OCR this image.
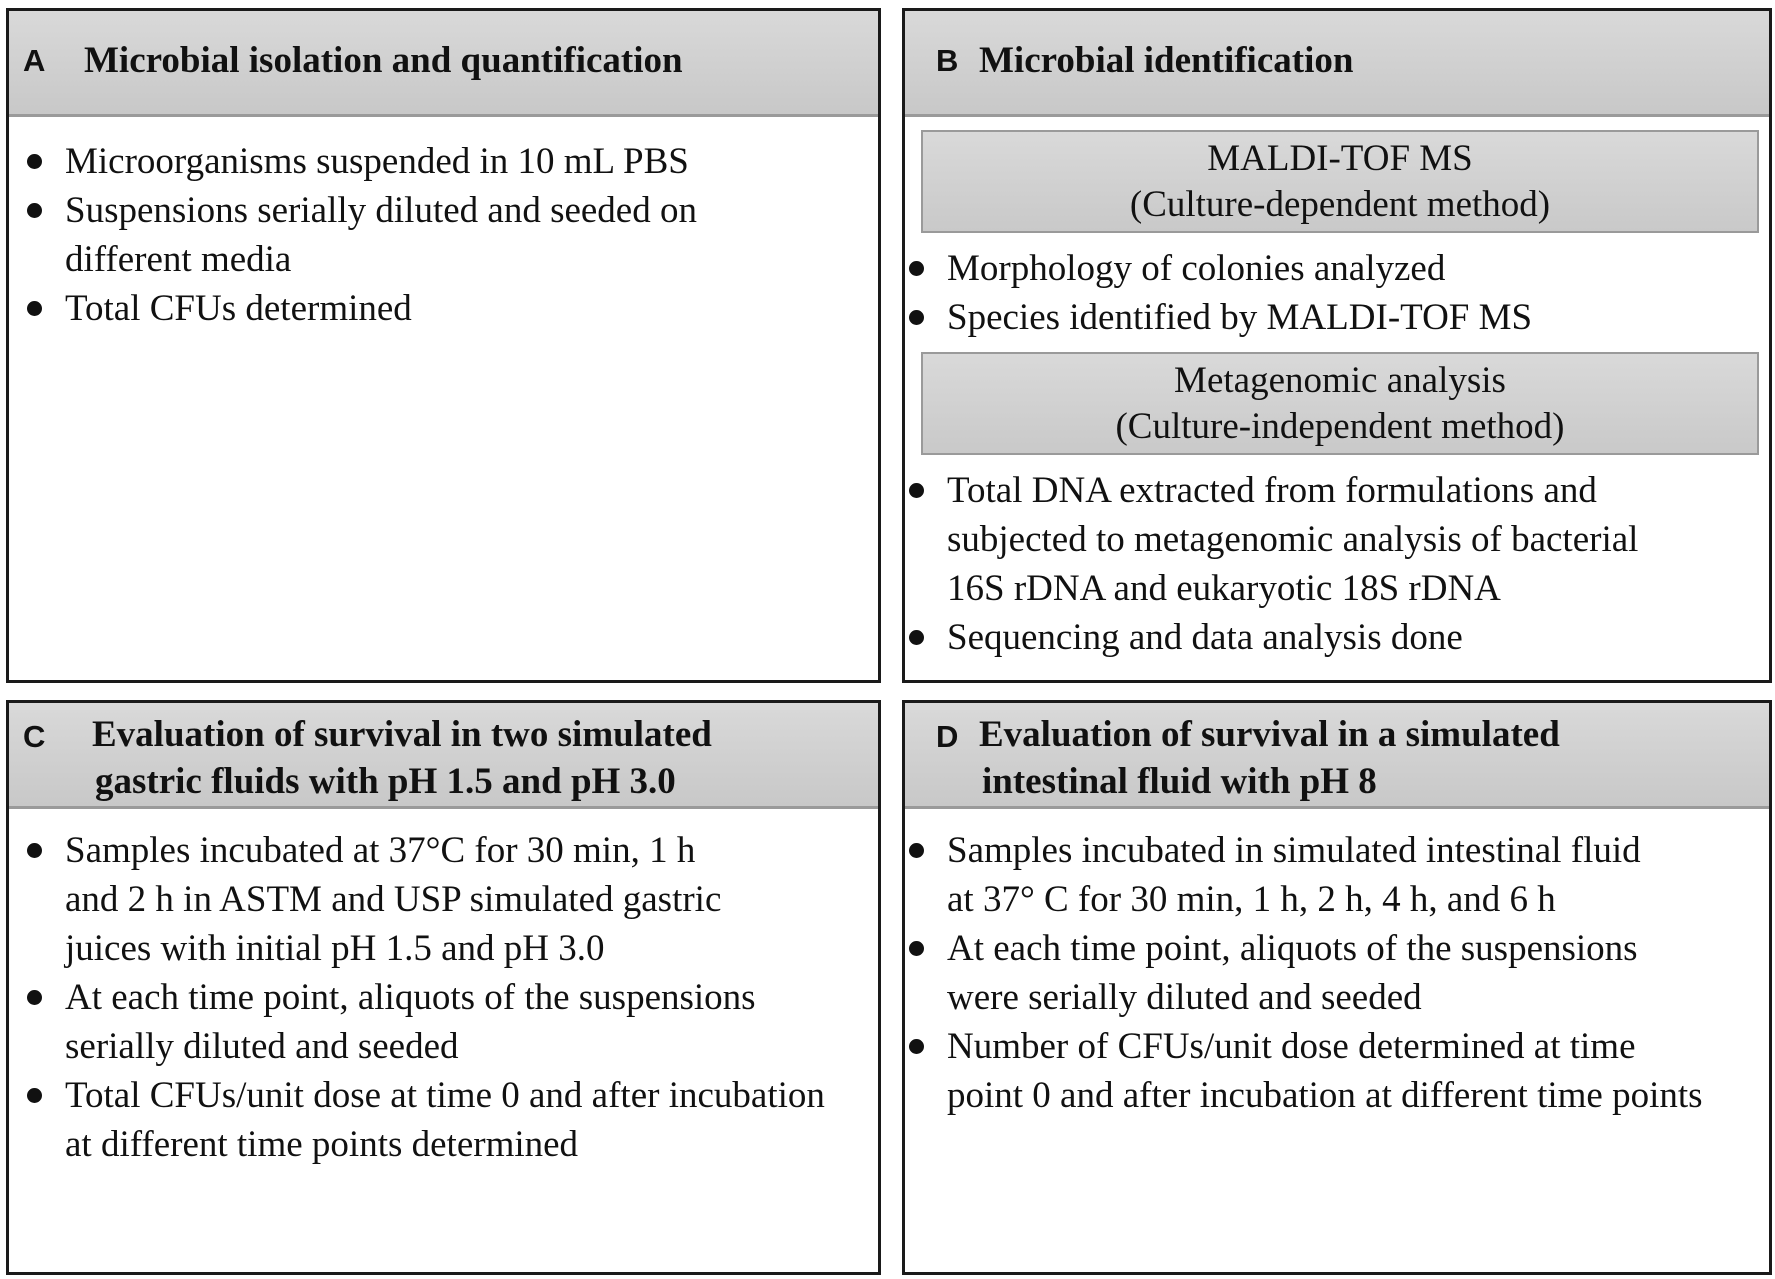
A Microbial isolation and quantification
Microorganisms suspended in 10 mL PBS
Suspensions serially diluted and seeded on
different media
Total CFUs determined
B Microbial identification
MALDI-TOF MS
(Culture-dependent method)
Morphology of colonies analyzed
Species identified by MALDI-TOF MS
Metagenomic analysis
(Culture-independent method)
Total DNA extracted from formulations and
subjected to metagenomic analysis of bacterial
16S rDNA and eukaryotic 18S rDNA
Sequencing and data analysis done
C Evaluation of survival in two simulated
gastric fluids with pH 1.5 and pH 3.0
Samples incubated at 37°C for 30 min, 1 h
and 2 h in ASTM and USP simulated gastric
juices with initial pH 1.5 and pH 3.0
At each time point, aliquots of the suspensions
serially diluted and seeded
Total CFUs/unit dose at time 0 and after incubation
at different time points determined
D Evaluation of survival in a simulated
intestinal fluid with pH 8
Samples incubated in simulated intestinal fluid
at 37° C for 30 min, 1 h, 2 h, 4 h, and 6 h
At each time point, aliquots of the suspensions
were serially diluted and seeded
Number of CFUs/unit dose determined at time
point 0 and after incubation at different time points
